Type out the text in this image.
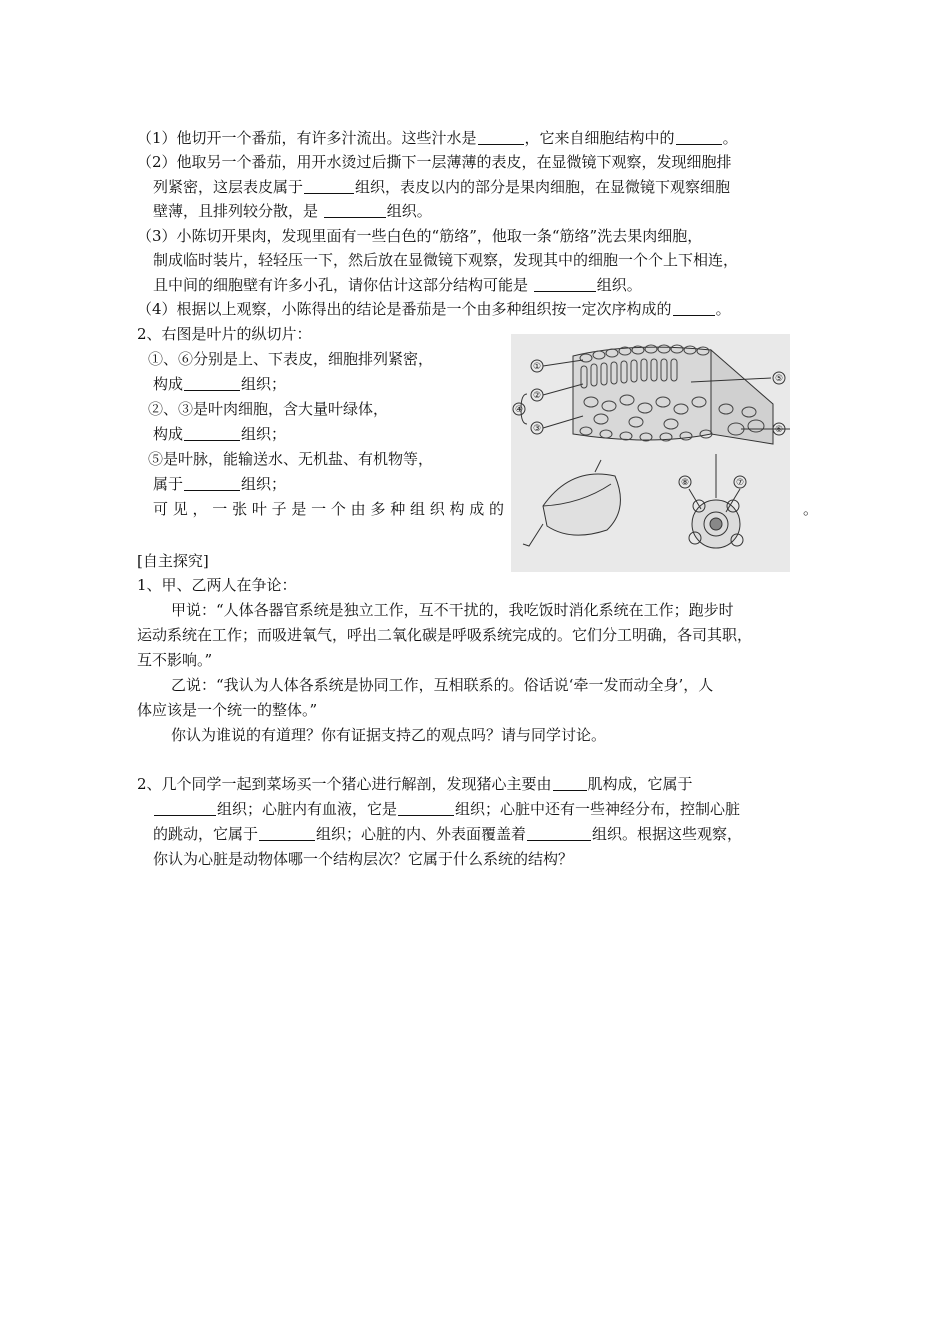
（1）他切开一个番茄，有许多汁流出。这些汁水是	，它来自细胞结构中的	。
（2）他取另一个番茄，用开水烫过后撕下一层薄薄的表皮，在显微镜下观察，发现细胞排
列紧密，这层表皮属于	组织，表皮以内的部分是果肉细胞，在显微镜下观察细胞
壁薄，且排列较分散，是	组织。
（3）小陈切开果肉，发现里面有一些白色的“筋络”，他取一条“筋络”洗去果肉细胞，
制成临时装片，轻轻压一下，然后放在显微镜下观察，发现其中的细胞一个个上下相连，
且中间的细胞壁有许多小孔，请你估计这部分结构可能是	组织。
（4）根据以上观察，小陈得出的结论是番茄是一个由多种组织按一定次序构成的	。
2、右图是叶片的纵切片：
①、⑥分别是上、下表皮，细胞排列紧密，
构成	组织；
②、③是叶肉细胞，含大量叶绿体，
构成	组织；
⑤是叶脉，能输送水、无机盐、有机物等，
属于	组织；
可 见 ， 一 张 叶 子 是 一 个 由 多 种 组 织 构 成 的	。
①
②
③
④
⑤
⑥
⑦
⑧
[自主探究]
1、甲、乙两人在争论：
甲说：“人体各器官系统是独立工作，互不干扰的，我吃饭时消化系统在工作；跑步时
运动系统在工作；而吸进氧气，呼出二氧化碳是呼吸系统完成的。它们分工明确，各司其职，
互不影响。”
乙说：“我认为人体各系统是协同工作，互相联系的。俗话说‘牵一发而动全身’，人
体应该是一个统一的整体。”
你认为谁说的有道理？你有证据支持乙的观点吗？请与同学讨论。
2、几个同学一起到菜场买一个猪心进行解剖，发现猪心主要由 肌构成，它属于
组织；心脏内有血液，它是	组织；心脏中还有一些神经分布，控制心脏
的跳动，它属于	组织；心脏的内、外表面覆盖着	组织。根据这些观察，
你认为心脏是动物体哪一个结构层次？它属于什么系统的结构？
